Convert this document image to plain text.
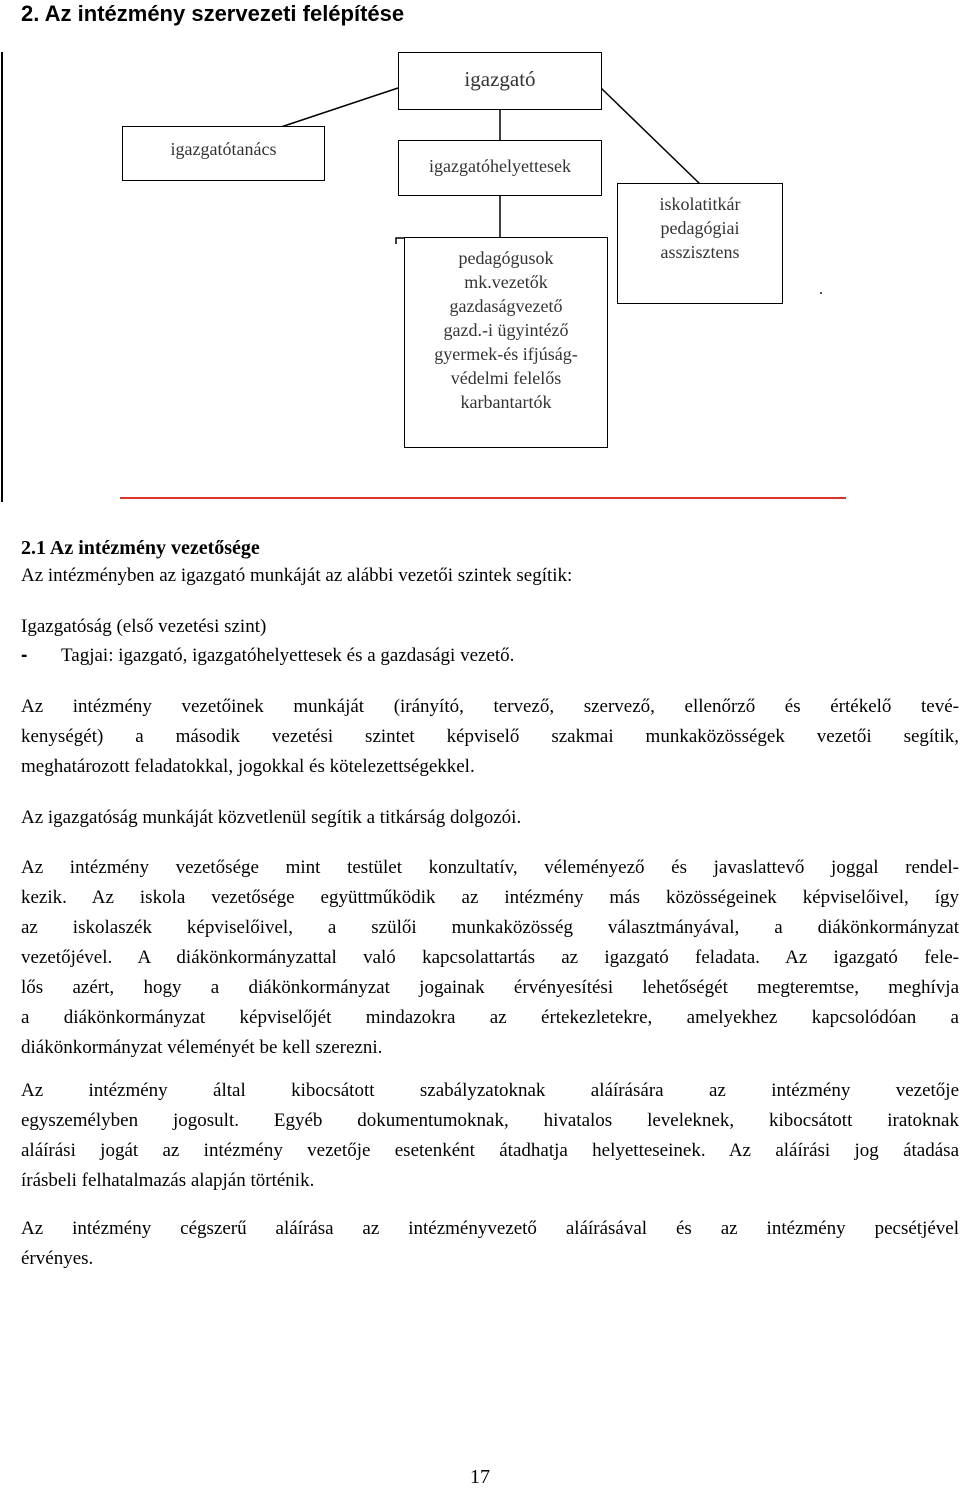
2. Az intézmény szervezeti felépítése
igazgató
igazgatótanács
igazgatóhelyettesek
iskolatitkár
pedagógiai
asszisztens
.
pedagógusok
mk.vezetők
gazdaságvezető
gazd.-i ügyintéző
gyermek-és ifjúság-
védelmi felelős
karbantartók
2.1 Az intézmény vezetősége
Az intézményben az igazgató munkáját az alábbi vezetői szintek segítik:
Igazgatóság (első vezetési szint)
- Tagjai: igazgató, igazgatóhelyettesek és a gazdasági vezető.
Az intézmény vezetőinek munkáját (irányító, tervező, szervező, ellenőrző és értékelő tevé-
kenységét) a második vezetési szintet képviselő szakmai munkaközösségek vezetői segítik,
meghatározott feladatokkal, jogokkal és kötelezettségekkel.
Az igazgatóság munkáját közvetlenül segítik a titkárság dolgozói.
Az intézmény vezetősége mint testület konzultatív, véleményező és javaslattevő joggal rendel-
kezik. Az iskola vezetősége együttműködik az intézmény más közösségeinek képviselőivel, így
az iskolaszék képviselőivel, a szülői munkaközösség választmányával, a diákönkormányzat
vezetőjével. A diákönkormányzattal való kapcsolattartás az igazgató feladata. Az igazgató fele-
lős azért, hogy a diákönkormányzat jogainak érvényesítési lehetőségét megteremtse, meghívja
a diákönkormányzat képviselőjét mindazokra az értekezletekre, amelyekhez kapcsolódóan a
diákönkormányzat véleményét be kell szerezni.
Az intézmény által kibocsátott szabályzatoknak aláírására az intézmény vezetője
egyszemélyben jogosult. Egyéb dokumentumoknak, hivatalos leveleknek, kibocsátott iratoknak
aláírási jogát az intézmény vezetője esetenként átadhatja helyetteseinek. Az aláírási jog átadása
írásbeli felhatalmazás alapján történik.
Az intézmény cégszerű aláírása az intézményvezető aláírásával és az intézmény pecsétjével
érvényes.
17
